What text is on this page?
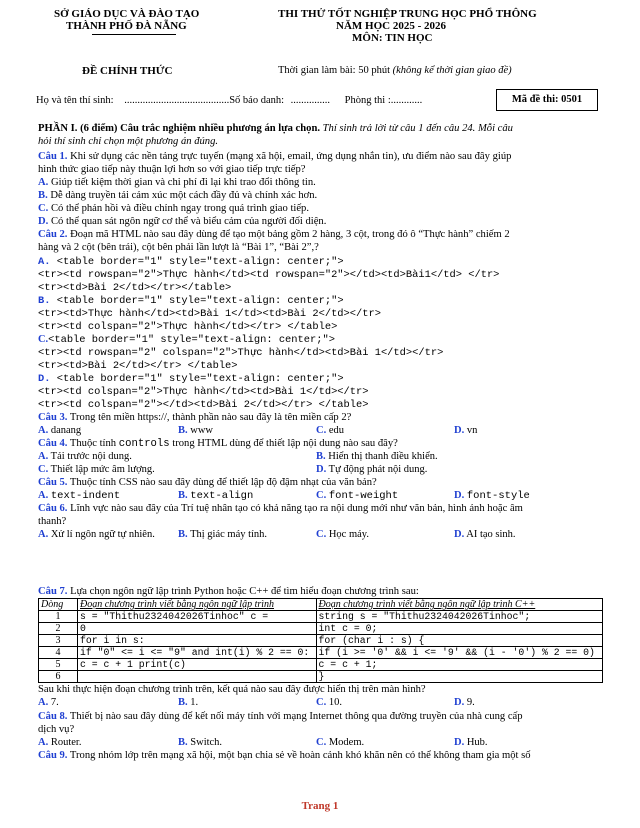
SỞ GIÁO DỤC VÀ ĐÀO TẠO
THÀNH PHỐ ĐÀ NẴNG
ĐỀ CHÍNH THỨC
THI THỬ TỐT NGHIỆP TRUNG HỌC PHỔ THÔNG
NĂM HỌC 2025 - 2026
MÔN: TIN HỌC
Thời gian làm bài: 50 phút (không kể thời gian giao đề)
Họ và tên thí sinh: ........................................Số báo danh: ............... Phòng thi :............	Mã đề thi: 0501
PHẦN I. (6 điểm) Câu trắc nghiệm nhiều phương án lựa chọn. Thí sinh trả lời từ câu 1 đến câu 24. Mỗi câu
hỏi thí sinh chỉ chọn một phương án đúng.
Câu 1. Khi sử dụng các nền tảng trực tuyến (mạng xã hội, email, ứng dụng nhắn tin), ưu điểm nào sau đây giúp
hình thức giao tiếp này thuận lợi hơn so với giao tiếp trực tiếp?
A. Giúp tiết kiệm thời gian và chi phí đi lại khi trao đổi thông tin.
B. Dễ dàng truyền tải cảm xúc một cách đầy đủ và chính xác hơn.
C. Có thể phản hồi và điều chỉnh ngay trong quá trình giao tiếp.
D. Có thể quan sát ngôn ngữ cơ thể và biểu cảm của người đối diện.
Câu 2. Đoạn mã HTML nào sau đây dùng để tạo một bảng gồm 2 hàng, 3 cột, trong đó ô “Thực hành” chiếm 2
hàng và 2 cột (bên trái), cột bên phải lần lượt là “Bài 1”, “Bài 2”,?
A. <table border="1" style="text-align: center;">
<tr><td rowspan="2">Thực hành</td><td rowspan="2"></td><td>Bài1</td> </tr>
<tr><td>Bài 2</td></tr></table>
B. <table border="1" style="text-align: center;">
<tr><td>Thực hành</td><td>Bài 1</td><td>Bài 2</td></tr>
<tr><td colspan="2">Thực hành</td></tr> </table>
C.<table border="1" style="text-align: center;">
<tr><td rowspan="2" colspan="2">Thực hành</td><td>Bài 1</td></tr>
<tr><td>Bài 2</td></tr> </table>
D. <table border="1" style="text-align: center;">
<tr><td colspan="2">Thực hành</td><td>Bài 1</td></tr>
<tr><td colspan="2"></td><td>Bài 2</td></tr> </table>
Câu 3. Trong tên miền https://, thành phần nào sau đây là tên miền cấp 2?
A. danang	B. www	C. edu	D. vn
Câu 4. Thuộc tính controls trong HTML dùng để thiết lập nội dung nào sau đây?
A. Tải trước nội dung.	B. Hiển thị thanh điều khiển.
C. Thiết lập mức âm lượng.	D. Tự động phát nội dung.
Câu 5. Thuộc tính CSS nào sau đây dùng để thiết lập độ đậm nhạt của văn bản?
A. text-indent	B. text-align	C. font-weight	D. font-style
Câu 6. Lĩnh vực nào sau đây của Trí tuệ nhân tạo có khả năng tạo ra nội dung mới như văn bản, hình ảnh hoặc âm
thanh?
A. Xử lí ngôn ngữ tự nhiên. B. Thị giác máy tính.	C. Học máy.	D. AI tạo sinh.
Câu 7. Lựa chọn ngôn ngữ lập trình Python hoặc C++ để tìm hiểu đoạn chương trình sau:
Dòng	Đoạn chương trình viết bằng ngôn ngữ lập trình	Đoạn chương trình viết bằng ngôn ngữ lập trình C++
1	s = "Thithu2324042026Tinhoc" c =	string s = "Thithu2324042026Tinhoc";
2	0	int c = 0;
3	for i in s:	for (char i : s) {
4	if "0" <= i <= "9" and int(i) % 2 == 0:	if (i >= '0' && i <= '9' && (i - '0') % 2 == 0)
5	c = c + 1 print(c)	c = c + 1;
6		}
Sau khi thực hiện đoạn chương trình trên, kết quả nào sau đây được hiển thị trên màn hình?
A. 7.	B. 1.	C. 10.	D. 9.
Câu 8. Thiết bị nào sau đây dùng để kết nối máy tính với mạng Internet thông qua đường truyền của nhà cung cấp
dịch vụ?
A. Router.	B. Switch.	C. Modem.	D. Hub.
Câu 9. Trong nhóm lớp trên mạng xã hội, một bạn chia sẻ về hoàn cảnh khó khăn nên có thể không tham gia một số
Trang 1
